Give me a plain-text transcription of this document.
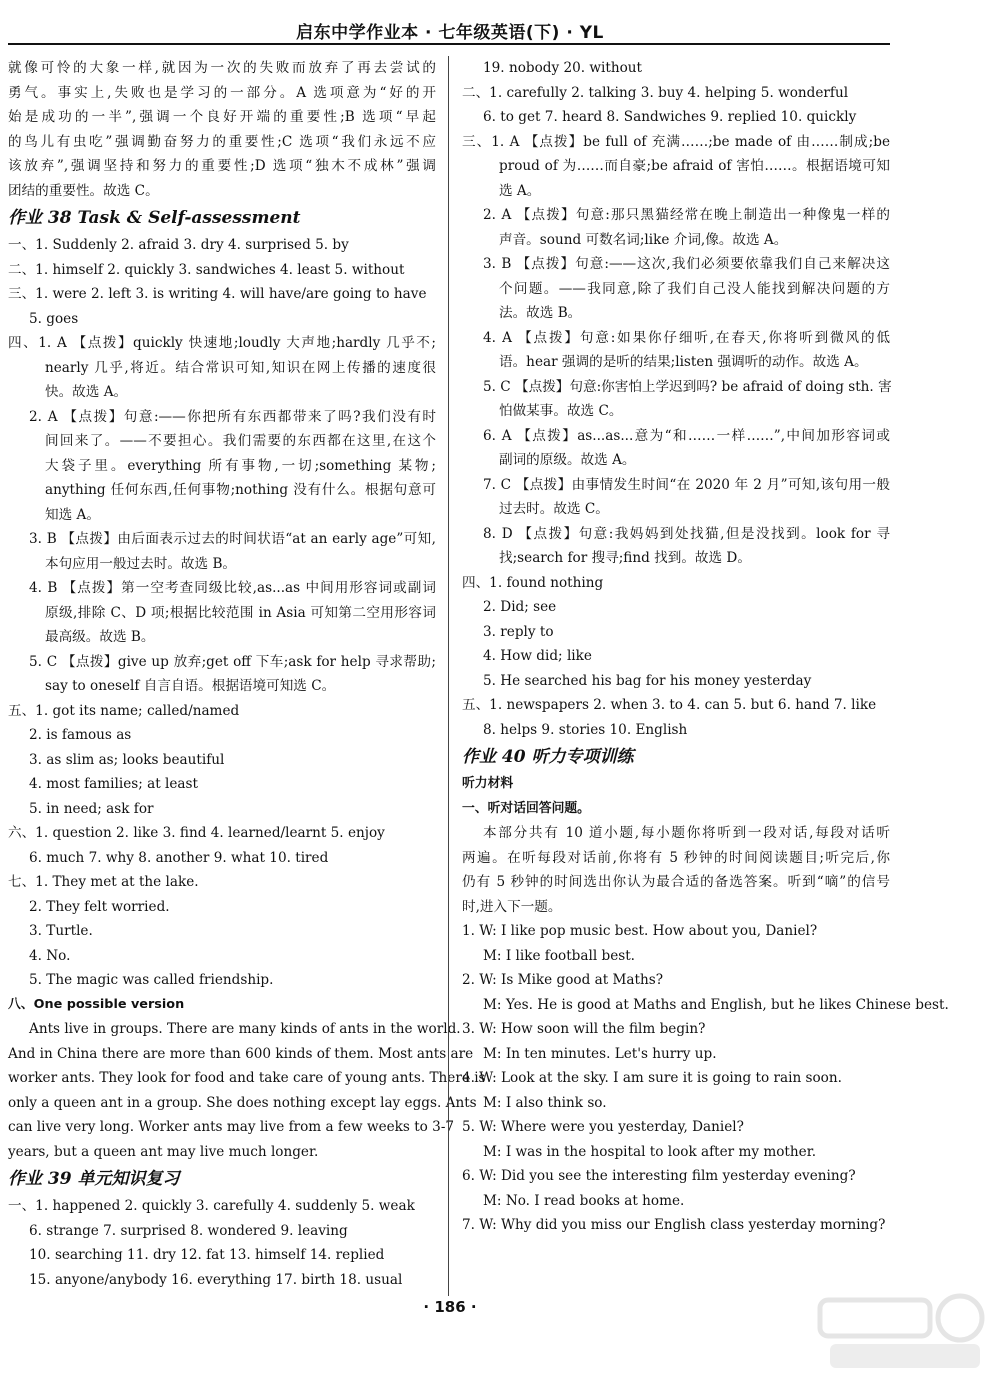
启东中学作业本 · 七年级英语(下) · YL
就像可怜的大象一样,就因为一次的失败而放弃了再去尝试的
勇气。事实上,失败也是学习的一部分。A 选项意为“好的开
始是成功的一半”,强调一个良好开端的重要性;B 选项“早起
的鸟儿有虫吃”强调勤奋努力的重要性;C 选项“我们永远不应
该放弃”,强调坚持和努力的重要性;D 选项“独木不成林”强调
团结的重要性。故选 C。
作业 38 Task & Self-assessment
一、1. Suddenly 2. afraid 3. dry 4. surprised 5. by
二、1. himself 2. quickly 3. sandwiches 4. least 5. without
三、1. were 2. left 3. is writing 4. will have/are going to have
5. goes
四、1. A 【点拨】quickly 快速地;loudly 大声地;hardly 几乎不;
nearly 几乎,将近。结合常识可知,知识在网上传播的速度很
快。故选 A。
2. A 【点拨】句意:——你把所有东西都带来了吗?我们没有时
间回来了。——不要担心。我们需要的东西都在这里,在这个
大袋子里。everything 所有事物,一切;something 某物;
anything 任何东西,任何事物;nothing 没有什么。根据句意可
知选 A。
3. B 【点拨】由后面表示过去的时间状语“at an early age”可知,
本句应用一般过去时。故选 B。
4. B 【点拨】第一空考查同级比较,as...as 中间用形容词或副词
原级,排除 C、D 项;根据比较范围 in Asia 可知第二空用形容词
最高级。故选 B。
5. C 【点拨】give up 放弃;get off 下车;ask for help 寻求帮助;
say to oneself 自言自语。根据语境可知选 C。
五、1. got its name; called/named
2. is famous as
3. as slim as; looks beautiful
4. most families; at least
5. in need; ask for
六、1. question 2. like 3. find 4. learned/learnt 5. enjoy
6. much 7. why 8. another 9. what 10. tired
七、1. They met at the lake.
2. They felt worried.
3. Turtle.
4. No.
5. The magic was called friendship.
八、One possible version
Ants live in groups. There are many kinds of ants in the world.
And in China there are more than 600 kinds of them. Most ants are
worker ants. They look for food and take care of young ants. There is
only a queen ant in a group. She does nothing except lay eggs. Ants
can live very long. Worker ants may live from a few weeks to 3-7
years, but a queen ant may live much longer.
作业 39 单元知识复习
一、1. happened 2. quickly 3. carefully 4. suddenly 5. weak
6. strange 7. surprised 8. wondered 9. leaving
10. searching 11. dry 12. fat 13. himself 14. replied
15. anyone/anybody 16. everything 17. birth 18. usual
19. nobody 20. without
二、1. carefully 2. talking 3. buy 4. helping 5. wonderful
6. to get 7. heard 8. Sandwiches 9. replied 10. quickly
三、1. A 【点拨】be full of 充满……;be made of 由……制成;be
proud of 为……而自豪;be afraid of 害怕……。根据语境可知
选 A。
2. A 【点拨】句意:那只黑猫经常在晚上制造出一种像鬼一样的
声音。sound 可数名词;like 介词,像。故选 A。
3. B 【点拨】句意:——这次,我们必须要依靠我们自己来解决这
个问题。——我同意,除了我们自己没人能找到解决问题的方
法。故选 B。
4. A 【点拨】句意:如果你仔细听,在春天,你将听到微风的低
语。hear 强调的是听的结果;listen 强调听的动作。故选 A。
5. C 【点拨】句意:你害怕上学迟到吗? be afraid of doing sth. 害
怕做某事。故选 C。
6. A 【点拨】as...as...意为“和……一样……”,中间加形容词或
副词的原级。故选 A。
7. C 【点拨】由事情发生时间“在 2020 年 2 月”可知,该句用一般
过去时。故选 C。
8. D 【点拨】句意:我妈妈到处找猫,但是没找到。look for 寻
找;search for 搜寻;find 找到。故选 D。
四、1. found nothing
2. Did; see
3. reply to
4. How did; like
5. He searched his bag for his money yesterday
五、1. newspapers 2. when 3. to 4. can 5. but 6. hand 7. like
8. helps 9. stories 10. English
作业 40 听力专项训练
听力材料
一、听对话回答问题。
本部分共有 10 道小题,每小题你将听到一段对话,每段对话听
两遍。在听每段对话前,你将有 5 秒钟的时间阅读题目;听完后,你
仍有 5 秒钟的时间选出你认为最合适的备选答案。听到“嘀”的信号
时,进入下一题。
1. W: I like pop music best. How about you, Daniel?
M: I like football best.
2. W: Is Mike good at Maths?
M: Yes. He is good at Maths and English, but he likes Chinese best.
3. W: How soon will the film begin?
M: In ten minutes. Let's hurry up.
4. W: Look at the sky. I am sure it is going to rain soon.
M: I also think so.
5. W: Where were you yesterday, Daniel?
M: I was in the hospital to look after my mother.
6. W: Did you see the interesting film yesterday evening?
M: No. I read books at home.
7. W: Why did you miss our English class yesterday morning?
· 186 ·
